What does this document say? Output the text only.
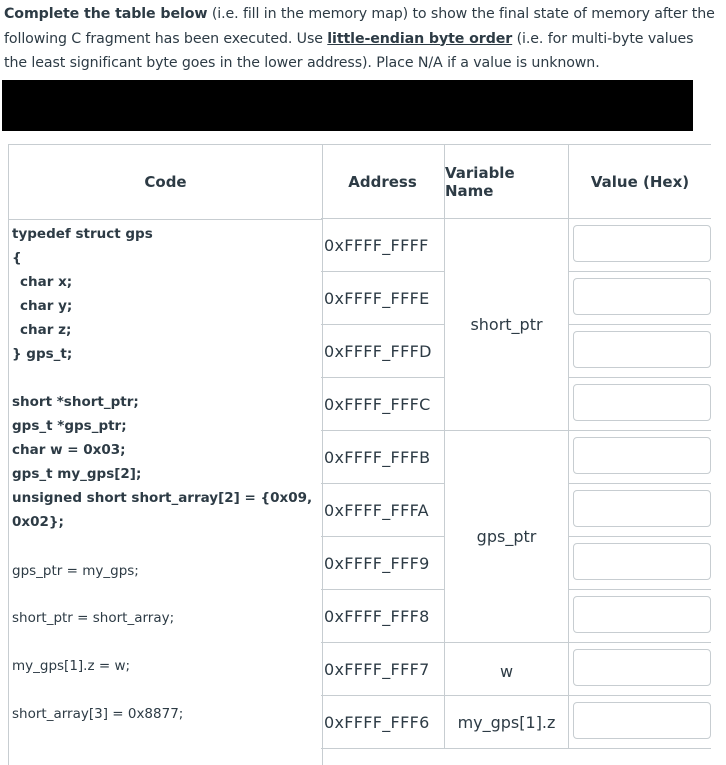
Complete the table below (i.e. fill in the memory map) to show the final state of memory after the following C fragment has been executed. Use little-endian byte order (i.e. for multi-byte values the least significant byte goes in the lower address). Place N/A if a value is unknown.
Code
typedef struct gps
{
char x;
char y;
char z;
} gps_t;
short *short_ptr;
gps_t *gps_ptr;
char w = 0x03;
gps_t my_gps[2];
unsigned short short_array[2] = {0x09,
0x02};
gps_ptr = my_gps;
short_ptr = short_array;
my_gps[1].z = w;
short_array[3] = 0x8877;
Address	Variable Name	Value (Hex)
0xFFFF_FFFF
0xFFFF_FFFE
0xFFFF_FFFD
0xFFFF_FFFC
0xFFFF_FFFB
0xFFFF_FFFA
0xFFFF_FFF9
0xFFFF_FFF8
0xFFFF_FFF7
0xFFFF_FFF6
short_ptr
gps_ptr
w
my_gps[1].z
